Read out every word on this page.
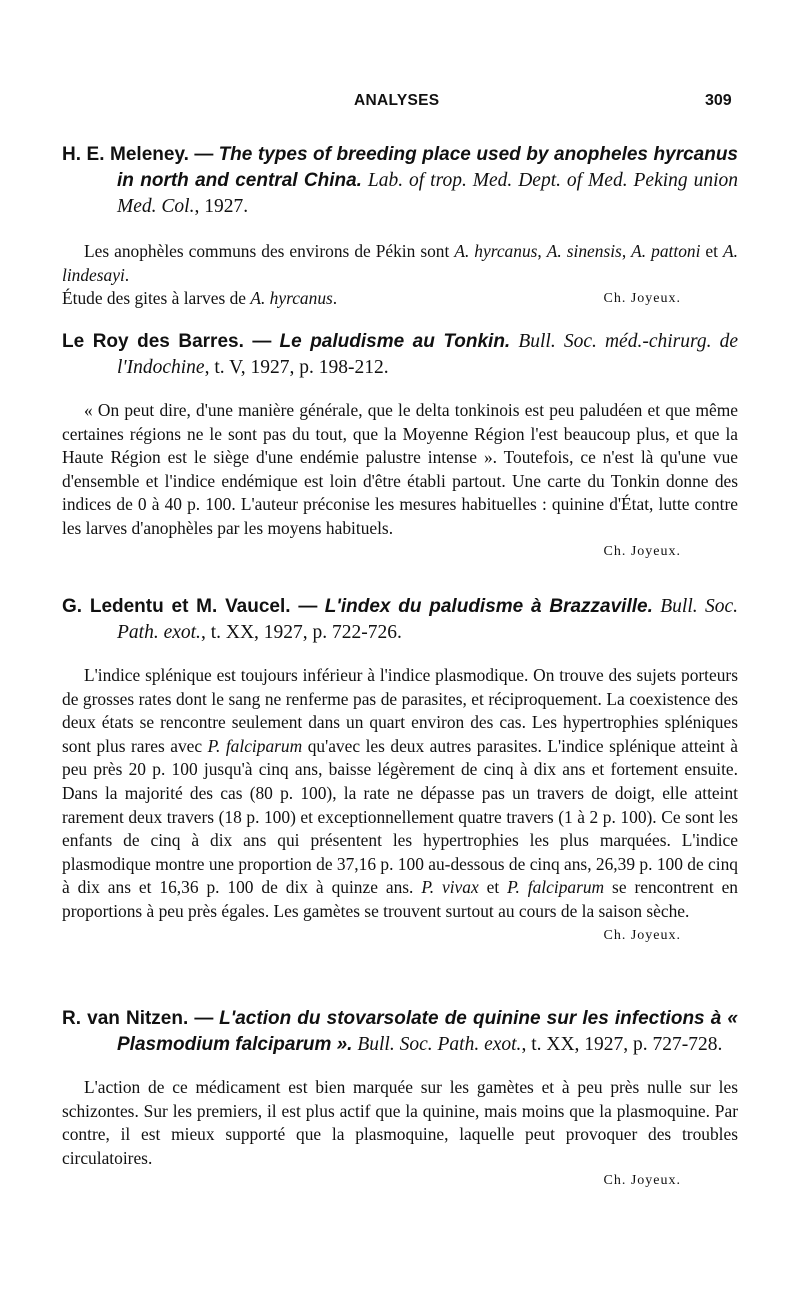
ANALYSES	309
H. E. Meleney. — The types of breeding place used by anopheles hyrcanus in north and central China. Lab. of trop. Med. Dept. of Med. Peking union Med. Col., 1927.
Les anophèles communs des environs de Pékin sont A. hyrcanus, A. sinensis, A. pattoni et A. lindesayi.

Ch. Joyeux.
Étude des gites à larves de A. hyrcanus.
Le Roy des Barres. — Le paludisme au Tonkin. Bull. Soc. méd.-chirurg. de l'Indochine, t. V, 1927, p. 198-212.
« On peut dire, d'une manière générale, que le delta tonkinois est peu paludéen et que même certaines régions ne le sont pas du tout, que la Moyenne Région l'est beaucoup plus, et que la Haute Région est le siège d'une endémie palustre intense ». Toutefois, ce n'est là qu'une vue d'ensemble et l'indice endémique est loin d'être établi partout. Une carte du Tonkin donne des indices de 0 à 40 p. 100. L'auteur préconise les mesures habituelles : quinine d'État, lutte contre les larves d'anophèles par les moyens habituels.
Ch. Joyeux.
G. Ledentu et M. Vaucel. — L'index du paludisme à Brazzaville. Bull. Soc. Path. exot., t. XX, 1927, p. 722-726.
L'indice splénique est toujours inférieur à l'indice plasmodique. On trouve des sujets porteurs de grosses rates dont le sang ne renferme pas de parasites, et réciproquement. La coexistence des deux états se rencontre seulement dans un quart environ des cas. Les hypertrophies spléniques sont plus rares avec P. falciparum qu'avec les deux autres parasites. L'indice splénique atteint à peu près 20 p. 100 jusqu'à cinq ans, baisse légèrement de cinq à dix ans et fortement ensuite. Dans la majorité des cas (80 p. 100), la rate ne dépasse pas un travers de doigt, elle atteint rarement deux travers (18 p. 100) et exceptionnellement quatre travers (1 à 2 p. 100). Ce sont les enfants de cinq à dix ans qui présentent les hypertrophies les plus marquées. L'indice plasmodique montre une proportion de 37,16 p. 100 au-dessous de cinq ans, 26,39 p. 100 de cinq à dix ans et 16,36 p. 100 de dix à quinze ans. P. vivax et P. falciparum se rencontrent en proportions à peu près égales. Les gamètes se trouvent surtout au cours de la saison sèche.
Ch. Joyeux.
R. van Nitzen. — L'action du stovarsolate de quinine sur les infections à « Plasmodium falciparum ». Bull. Soc. Path. exot., t. XX, 1927, p. 727-728.
L'action de ce médicament est bien marquée sur les gamètes et à peu près nulle sur les schizontes. Sur les premiers, il est plus actif que la quinine, mais moins que la plasmoquine. Par contre, il est mieux supporté que la plasmoquine, laquelle peut provoquer des troubles circulatoires.
Ch. Joyeux.
